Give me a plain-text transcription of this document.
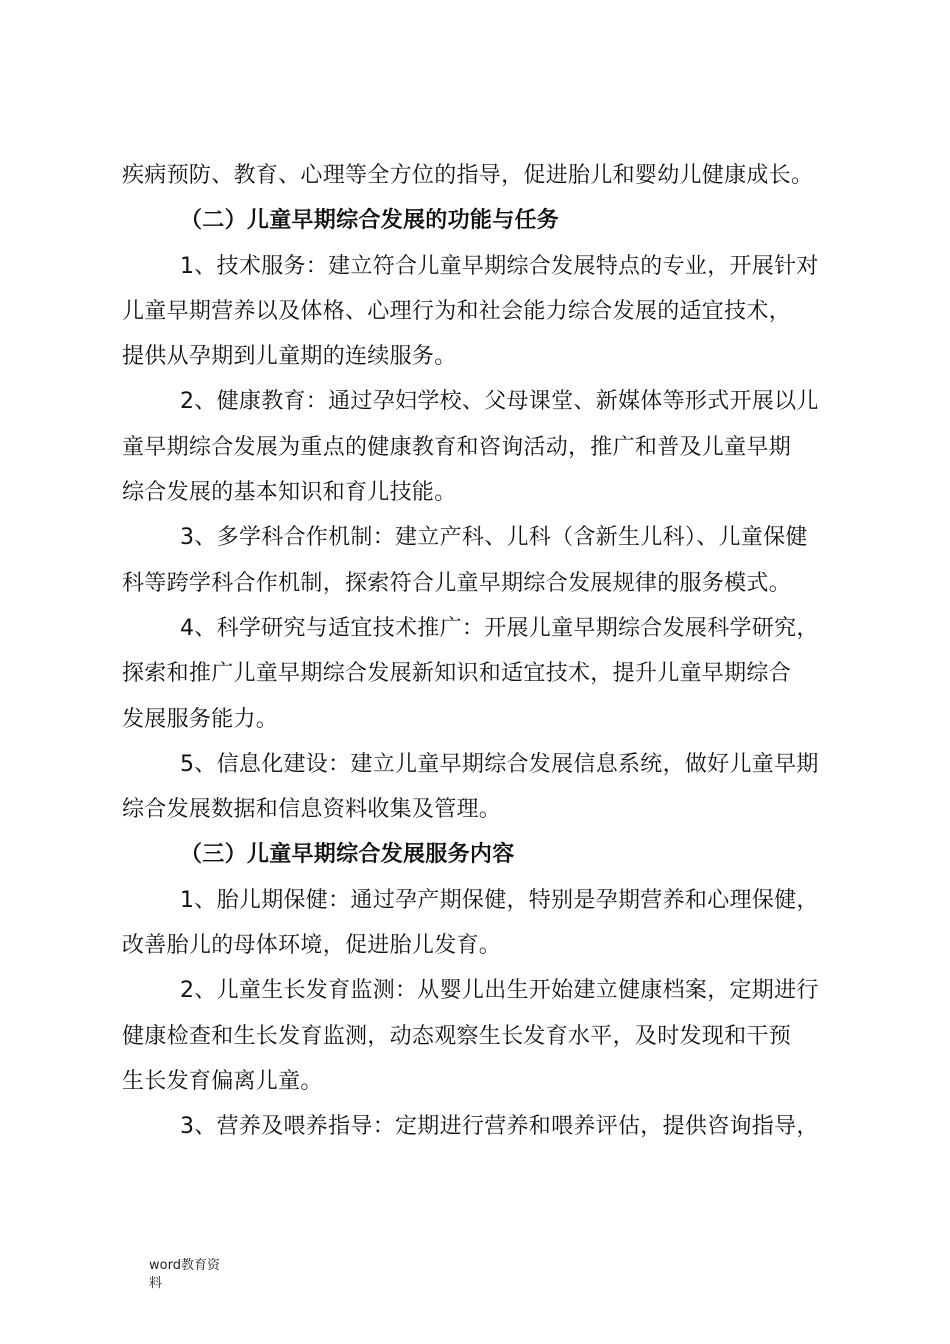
疾病预防、教育、心理等全方位的指导，促进胎儿和婴幼儿健康成长。
（二）儿童早期综合发展的功能与任务
1、技术服务：建立符合儿童早期综合发展特点的专业，开展针对
儿童早期营养以及体格、心理行为和社会能力综合发展的适宜技术，
提供从孕期到儿童期的连续服务。
2、健康教育：通过孕妇学校、父母课堂、新媒体等形式开展以儿
童早期综合发展为重点的健康教育和咨询活动，推广和普及儿童早期
综合发展的基本知识和育儿技能。
3、多学科合作机制：建立产科、儿科（含新生儿科）、儿童保健
科等跨学科合作机制，探索符合儿童早期综合发展规律的服务模式。
4、科学研究与适宜技术推广：开展儿童早期综合发展科学研究，
探索和推广儿童早期综合发展新知识和适宜技术，提升儿童早期综合
发展服务能力。
5、信息化建设：建立儿童早期综合发展信息系统，做好儿童早期
综合发展数据和信息资料收集及管理。
（三）儿童早期综合发展服务内容
1、胎儿期保健：通过孕产期保健，特别是孕期营养和心理保健，
改善胎儿的母体环境，促进胎儿发育。
2、儿童生长发育监测：从婴儿出生开始建立健康档案，定期进行
健康检查和生长发育监测，动态观察生长发育水平，及时发现和干预
生长发育偏离儿童。
3、营养及喂养指导：定期进行营养和喂养评估，提供咨询指导，
word教育资
料
